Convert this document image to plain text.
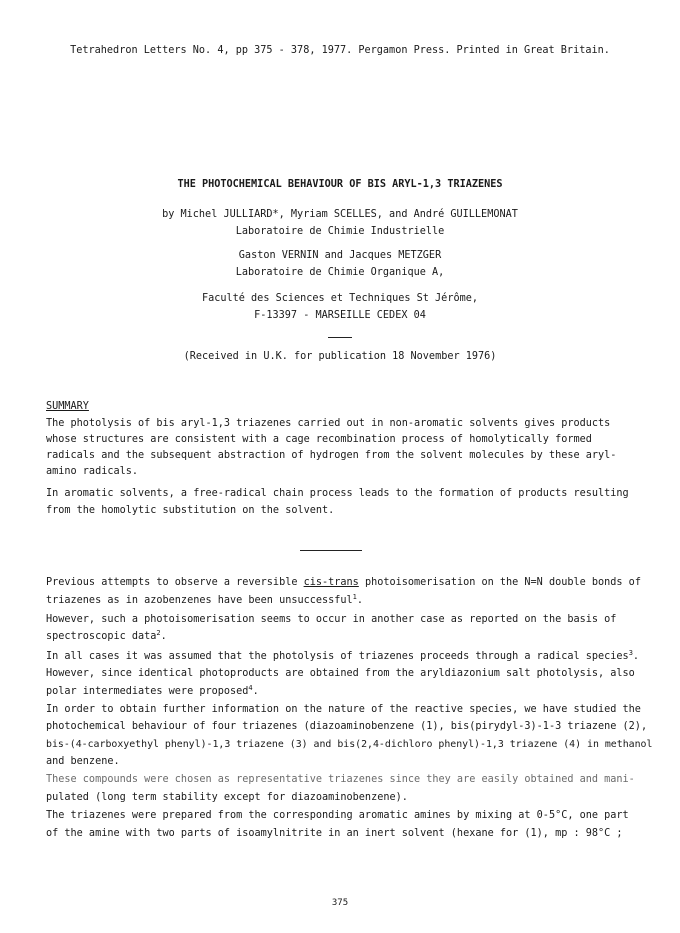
Tetrahedron Letters No. 4, pp 375 - 378, 1977. Pergamon Press. Printed in Great Britain.
THE PHOTOCHEMICAL BEHAVIOUR OF BIS ARYL-1,3 TRIAZENES
by Michel JULLIARD*, Myriam SCELLES, and André GUILLEMONAT
Laboratoire de Chimie Industrielle
Gaston VERNIN and Jacques METZGER
Laboratoire de Chimie Organique A,
Faculté des Sciences et Techniques St Jérôme,
F-13397 - MARSEILLE CEDEX 04
(Received in U.K. for publication 18 November 1976)
SUMMARY
The photolysis of bis aryl-1,3 triazenes carried out in non-aromatic solvents gives products
whose structures are consistent with a cage recombination process of homolytically formed
radicals and the subsequent abstraction of hydrogen from the solvent molecules by these aryl-
amino radicals.
In aromatic solvents, a free-radical chain process leads to the formation of products resulting
from the homolytic substitution on the solvent.
Previous attempts to observe a reversible cis-trans photoisomerisation on the N=N double bonds of
triazenes as in azobenzenes have been unsuccessful$^1$.
However, such a photoisomerisation seems to occur in another case as reported on the basis of
spectroscopic data$^2$.
In all cases it was assumed that the photolysis of triazenes proceeds through a radical species$^3$.
However, since identical photoproducts are obtained from the aryldiazonium salt photolysis, also
polar intermediates were proposed$^4$.
In order to obtain further information on the nature of the reactive species, we have studied the
photochemical behaviour of four triazenes (diazoaminobenzene (1), bis(pirydyl-3)-1-3 triazene (2),
bis-(4-carboxyethyl phenyl)-1,3 triazene (3) and bis(2,4-dichloro phenyl)-1,3 triazene (4) in methanol
and benzene.
These compounds were chosen as representative triazenes since they are easily obtained and mani-
pulated (long term stability except for diazoaminobenzene).
The triazenes were prepared from the corresponding aromatic amines by mixing at 0-5°C, one part
of the amine with two parts of isoamylnitrite in an inert solvent (hexane for (1), mp : 98°C ;
375
